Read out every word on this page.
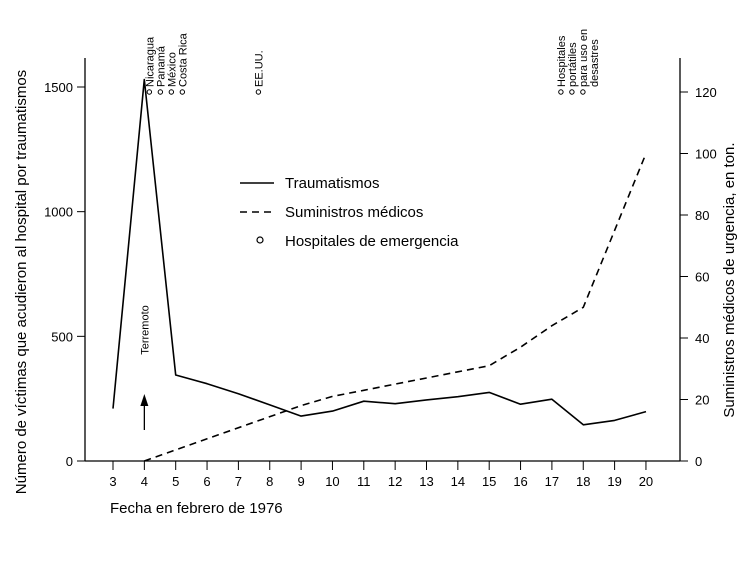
3 4 5 6 7 8 9 10 11 12 13 14 15 16 17 18 19 20
0
500
1000
1500
0
20
40
60
80
100
120
Nicaragua Panamá México Costa Rica	EE.UU.	Hospitales portátiles para uso en desastres
Terremoto
Traumatismos
Suministros médicos
Hospitales de emergencia
Fecha en febrero de 1976
Número de víctimas que acudieron al hospital por traumatismos	Suministros médicos de urgencia, en ton.
